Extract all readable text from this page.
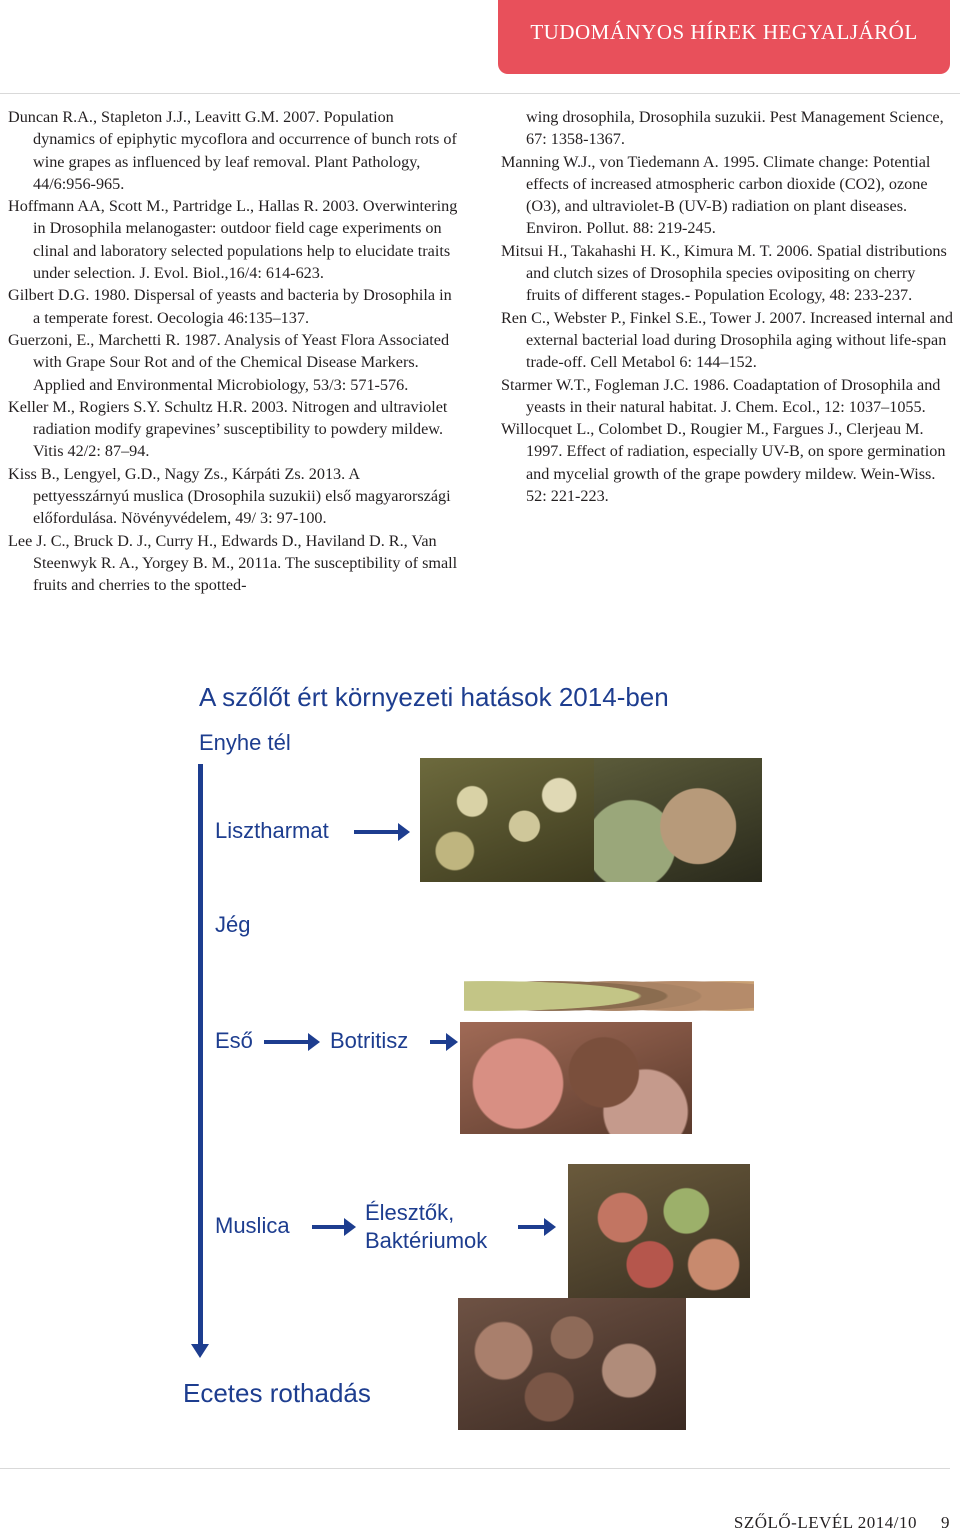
TUDOMÁNYOS HÍREK HEGYALJÁRÓL

Duncan R.A., Stapleton J.J., Leavitt G.M. 2007. Population dynamics of epiphytic mycoflora and occurrence of bunch rots of wine grapes as influenced by leaf removal. Plant Pathology, 44/6:956-965.

Hoffmann AA, Scott M., Partridge L., Hallas R. 2003. Overwintering in Drosophila melanogaster: outdoor field cage experiments on clinal and laboratory selected populations help to elucidate traits under selection. J. Evol. Biol.,16/4: 614-623.

Gilbert D.G. 1980. Dispersal of yeasts and bacteria by Drosophila in a temperate forest. Oecologia 46:135–137.

Guerzoni, E., Marchetti R. 1987. Analysis of Yeast Flora Associated with Grape Sour Rot and of the Chemical Disease Markers. Applied and Environmental Microbiology, 53/3: 571-576.

Keller M., Rogiers S.Y. Schultz H.R. 2003. Nitrogen and ultraviolet radiation modify grapevines’ susceptibility to powdery mildew. Vitis 42/2: 87–94.

Kiss B., Lengyel, G.D., Nagy Zs., Kárpáti Zs. 2013. A pettyesszárnyú muslica (Drosophila suzukii) első magyarországi előfordulása. Növényvédelem, 49/ 3: 97-100.

Lee J. C., Bruck D. J., Curry H., Edwards D., Haviland D. R., Van Steenwyk R. A., Yorgey B. M., 2011a. The susceptibility of small fruits and cherries to the spotted-

wing drosophila, Drosophila suzukii. Pest Management Science, 67: 1358-1367.

Manning W.J., von Tiedemann A. 1995. Climate change: Potential effects of increased atmospheric carbon dioxide (CO2), ozone (O3), and ultraviolet-B (UV-B) radiation on plant diseases. Environ. Pollut. 88: 219-245.

Mitsui H., Takahashi H. K., Kimura M. T. 2006. Spatial distributions and clutch sizes of Drosophila species ovipositing on cherry fruits of different stages.- Population Ecology, 48: 233-237.

Ren C., Webster P., Finkel S.E., Tower J. 2007. Increased internal and external bacterial load during Drosophila aging without life-span trade-off. Cell Metabol 6: 144–152.

Starmer W.T., Fogleman J.C. 1986. Coadaptation of Drosophila and yeasts in their natural habitat. J. Chem. Ecol., 12: 1037–1055.

Willocquet L., Colombet D., Rougier M., Fargues J., Clerjeau M. 1997. Effect of radiation, especially UV-B, on spore germination and mycelial growth of the grape powdery mildew. Wein-Wiss. 52: 221-223.

A szőlőt ért környezeti hatások 2014-ben
Enyhe tél
Lisztharmat
Jég
Eső	Botritisz
Muslica
Élesztők,
Baktériumok
Ecetes rothadás
SZŐLŐ-LEVÉL 2014/10 9
